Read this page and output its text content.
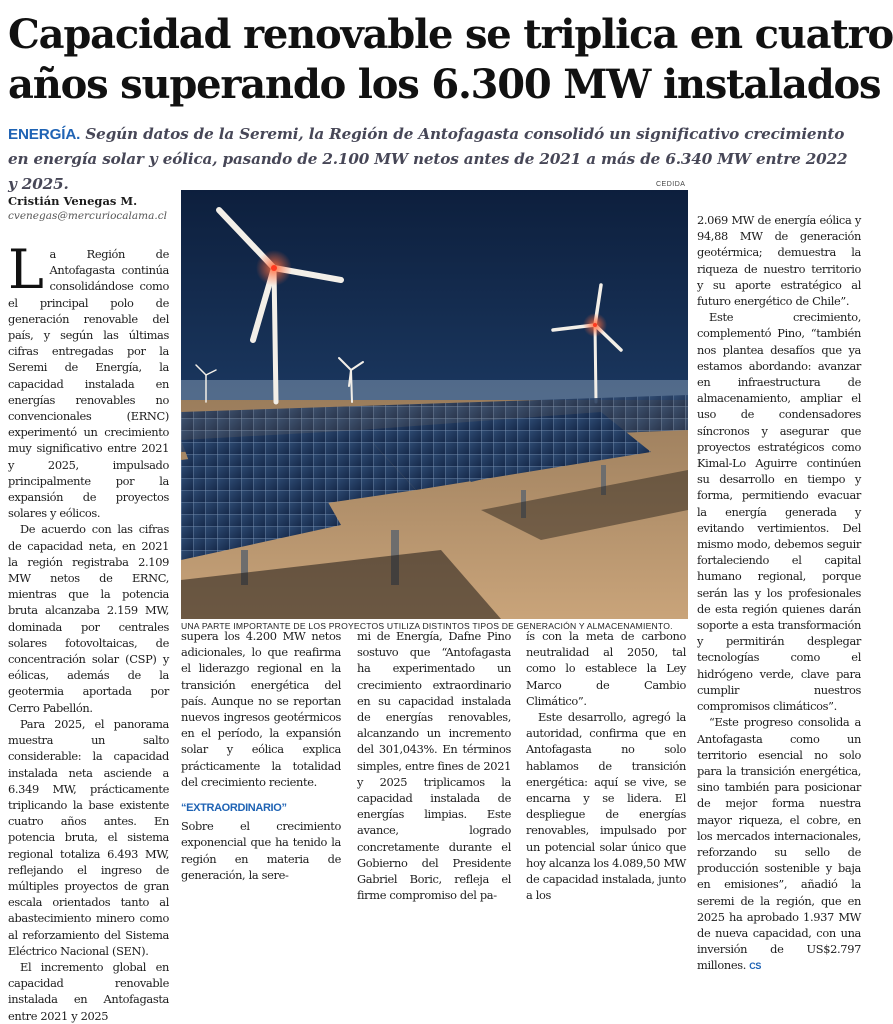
Capacidad renovable se triplica en cuatro
años superando los 6.300 MW instalados
ENERGÍA. Según datos de la Seremi, la Región de Antofagasta consolidó un significativo crecimiento en energía solar y eólica, pasando de 2.100 MW netos antes de 2021 a más de 6.340 MW entre 2022 y 2025.
Cristián Venegas M.
cvenegas@mercuriocalama.cl

La Región de Antofagasta continúa consolidándose como el principal polo de generación renovable del país, y según las últimas cifras entregadas por la Seremi de Energía, la capacidad instalada en energías renovables no convencionales (ERNC) experimentó un crecimiento muy significativo entre 2021 y 2025, impulsado principalmente por la expansión de proyectos solares y eólicos.

De acuerdo con las cifras de capacidad neta, en 2021 la región registraba 2.109 MW netos de ERNC, mientras que la potencia bruta alcanzaba 2.159 MW, dominada por centrales solares fotovoltaicas, de concentración solar (CSP) y eólicas, además de la geotermia aportada por Cerro Pabellón.

Para 2025, el panorama muestra un salto considerable: la capacidad instalada neta asciende a 6.349 MW, prácticamente triplicando la base existente cuatro años antes. En potencia bruta, el sistema regional totaliza 6.493 MW, reflejando el ingreso de múltiples proyectos de gran escala orientados tanto al abastecimiento minero como al reforzamiento del Sistema Eléctrico Nacional (SEN).

El incremento global en capacidad renovable instalada en Antofagasta entre 2021 y 2025

CEDIDA
UNA PARTE IMPORTANTE DE LOS PROYECTOS UTILIZA DISTINTOS TIPOS DE GENERACIÓN Y ALMACENAMIENTO.

supera los 4.200 MW netos adicionales, lo que reafirma el liderazgo regional en la transición energética del país. Aunque no se reportan nuevos ingresos geotérmicos en el período, la expansión solar y eólica explica prácticamente la totalidad del crecimiento reciente.

“EXTRAORDINARIO”

Sobre el crecimiento exponencial que ha tenido la región en materia de generación, la sere-

mi de Energía, Dafne Pino sostuvo que “Antofagasta ha experimentado un crecimiento extraordinario en su capacidad instalada de energías renovables, alcanzando un incremento del 301,043%. En términos simples, entre fines de 2021 y 2025 triplicamos la capacidad instalada de energías limpias. Este avance, logrado concretamente durante el Gobierno del Presidente Gabriel Boric, refleja el firme compromiso del pa-

ís con la meta de carbono neutralidad al 2050, tal como lo establece la Ley Marco de Cambio Climático”.

Este desarrollo, agregó la autoridad, confirma que en Antofagasta no solo hablamos de transición energética: aquí se vive, se encarna y se lidera. El despliegue de energías renovables, impulsado por un potencial solar único que hoy alcanza los 4.089,50 MW de capacidad instalada, junto a los

2.069 MW de energía eólica y 94,88 MW de generación geotérmica; demuestra la riqueza de nuestro territorio y su aporte estratégico al futuro energético de Chile”.

Este crecimiento, complementó Pino, “también nos plantea desafíos que ya estamos abordando: avanzar en infraestructura de almacenamiento, ampliar el uso de condensadores síncronos y asegurar que proyectos estratégicos como Kimal-Lo Aguirre continúen su desarrollo en tiempo y forma, permitiendo evacuar la energía generada y evitando vertimientos. Del mismo modo, debemos seguir fortaleciendo el capital humano regional, porque serán las y los profesionales de esta región quienes darán soporte a esta transformación y permitirán desplegar tecnologías como el hidrógeno verde, clave para cumplir nuestros compromisos climáticos”.

“Este progreso consolida a Antofagasta como un territorio esencial no solo para la transición energética, sino también para posicionar de mejor forma nuestra mayor riqueza, el cobre, en los mercados internacionales, reforzando su sello de producción sostenible y baja en emisiones”, añadió la seremi de la región, que en 2025 ha aprobado 1.937 MW de nueva capacidad, con una inversión de US$2.797 millones. CS
